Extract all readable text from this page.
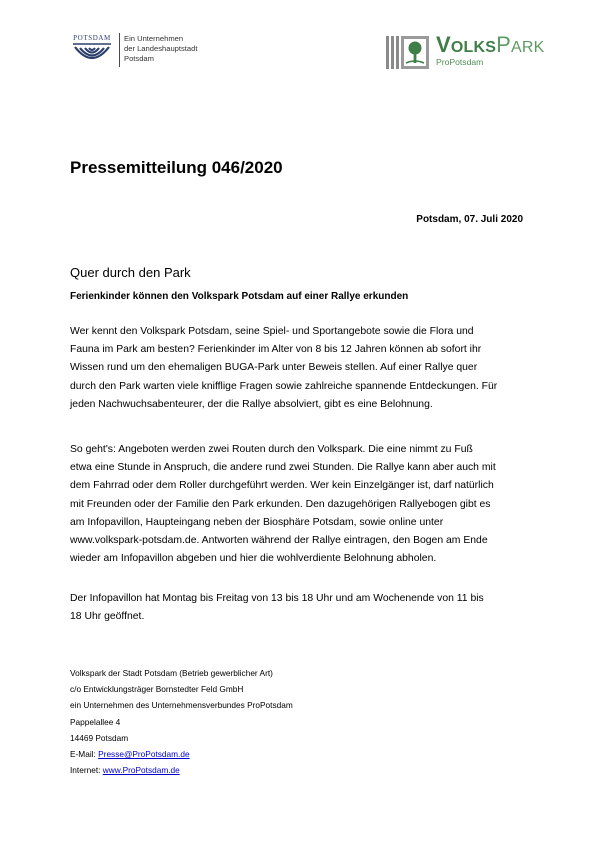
POTSDAM Ein Unternehmen
der Landeshauptstadt
Potsdam
VOLKSPARK
ProPotsdam
Pressemitteilung 046/2020
Potsdam, 07. Juli 2020
Quer durch den Park
Ferienkinder können den Volkspark Potsdam auf einer Rallye erkunden
Wer kennt den Volkspark Potsdam, seine Spiel- und Sportangebote sowie die Flora und
Fauna im Park am besten? Ferienkinder im Alter von 8 bis 12 Jahren können ab sofort ihr
Wissen rund um den ehemaligen BUGA-Park unter Beweis stellen. Auf einer Rallye quer
durch den Park warten viele knifflige Fragen sowie zahlreiche spannende Entdeckungen. Für
jeden Nachwuchsabenteurer, der die Rallye absolviert, gibt es eine Belohnung.
So geht's: Angeboten werden zwei Routen durch den Volkspark. Die eine nimmt zu Fuß
etwa eine Stunde in Anspruch, die andere rund zwei Stunden. Die Rallye kann aber auch mit
dem Fahrrad oder dem Roller durchgeführt werden. Wer kein Einzelgänger ist, darf natürlich
mit Freunden oder der Familie den Park erkunden. Den dazugehörigen Rallyebogen gibt es
am Infopavillon, Haupteingang neben der Biosphäre Potsdam, sowie online unter
www.volkspark-potsdam.de. Antworten während der Rallye eintragen, den Bogen am Ende
wieder am Infopavillon abgeben und hier die wohlverdiente Belohnung abholen.
Der Infopavillon hat Montag bis Freitag von 13 bis 18 Uhr und am Wochenende von 11 bis
18 Uhr geöffnet.
Volkspark der Stadt Potsdam (Betrieb gewerblicher Art)
c/o Entwicklungsträger Bornstedter Feld GmbH
ein Unternehmen des Unternehmensverbundes ProPotsdam
Pappelallee 4
14469 Potsdam
E-Mail: Presse@ProPotsdam.de
Internet: www.ProPotsdam.de
